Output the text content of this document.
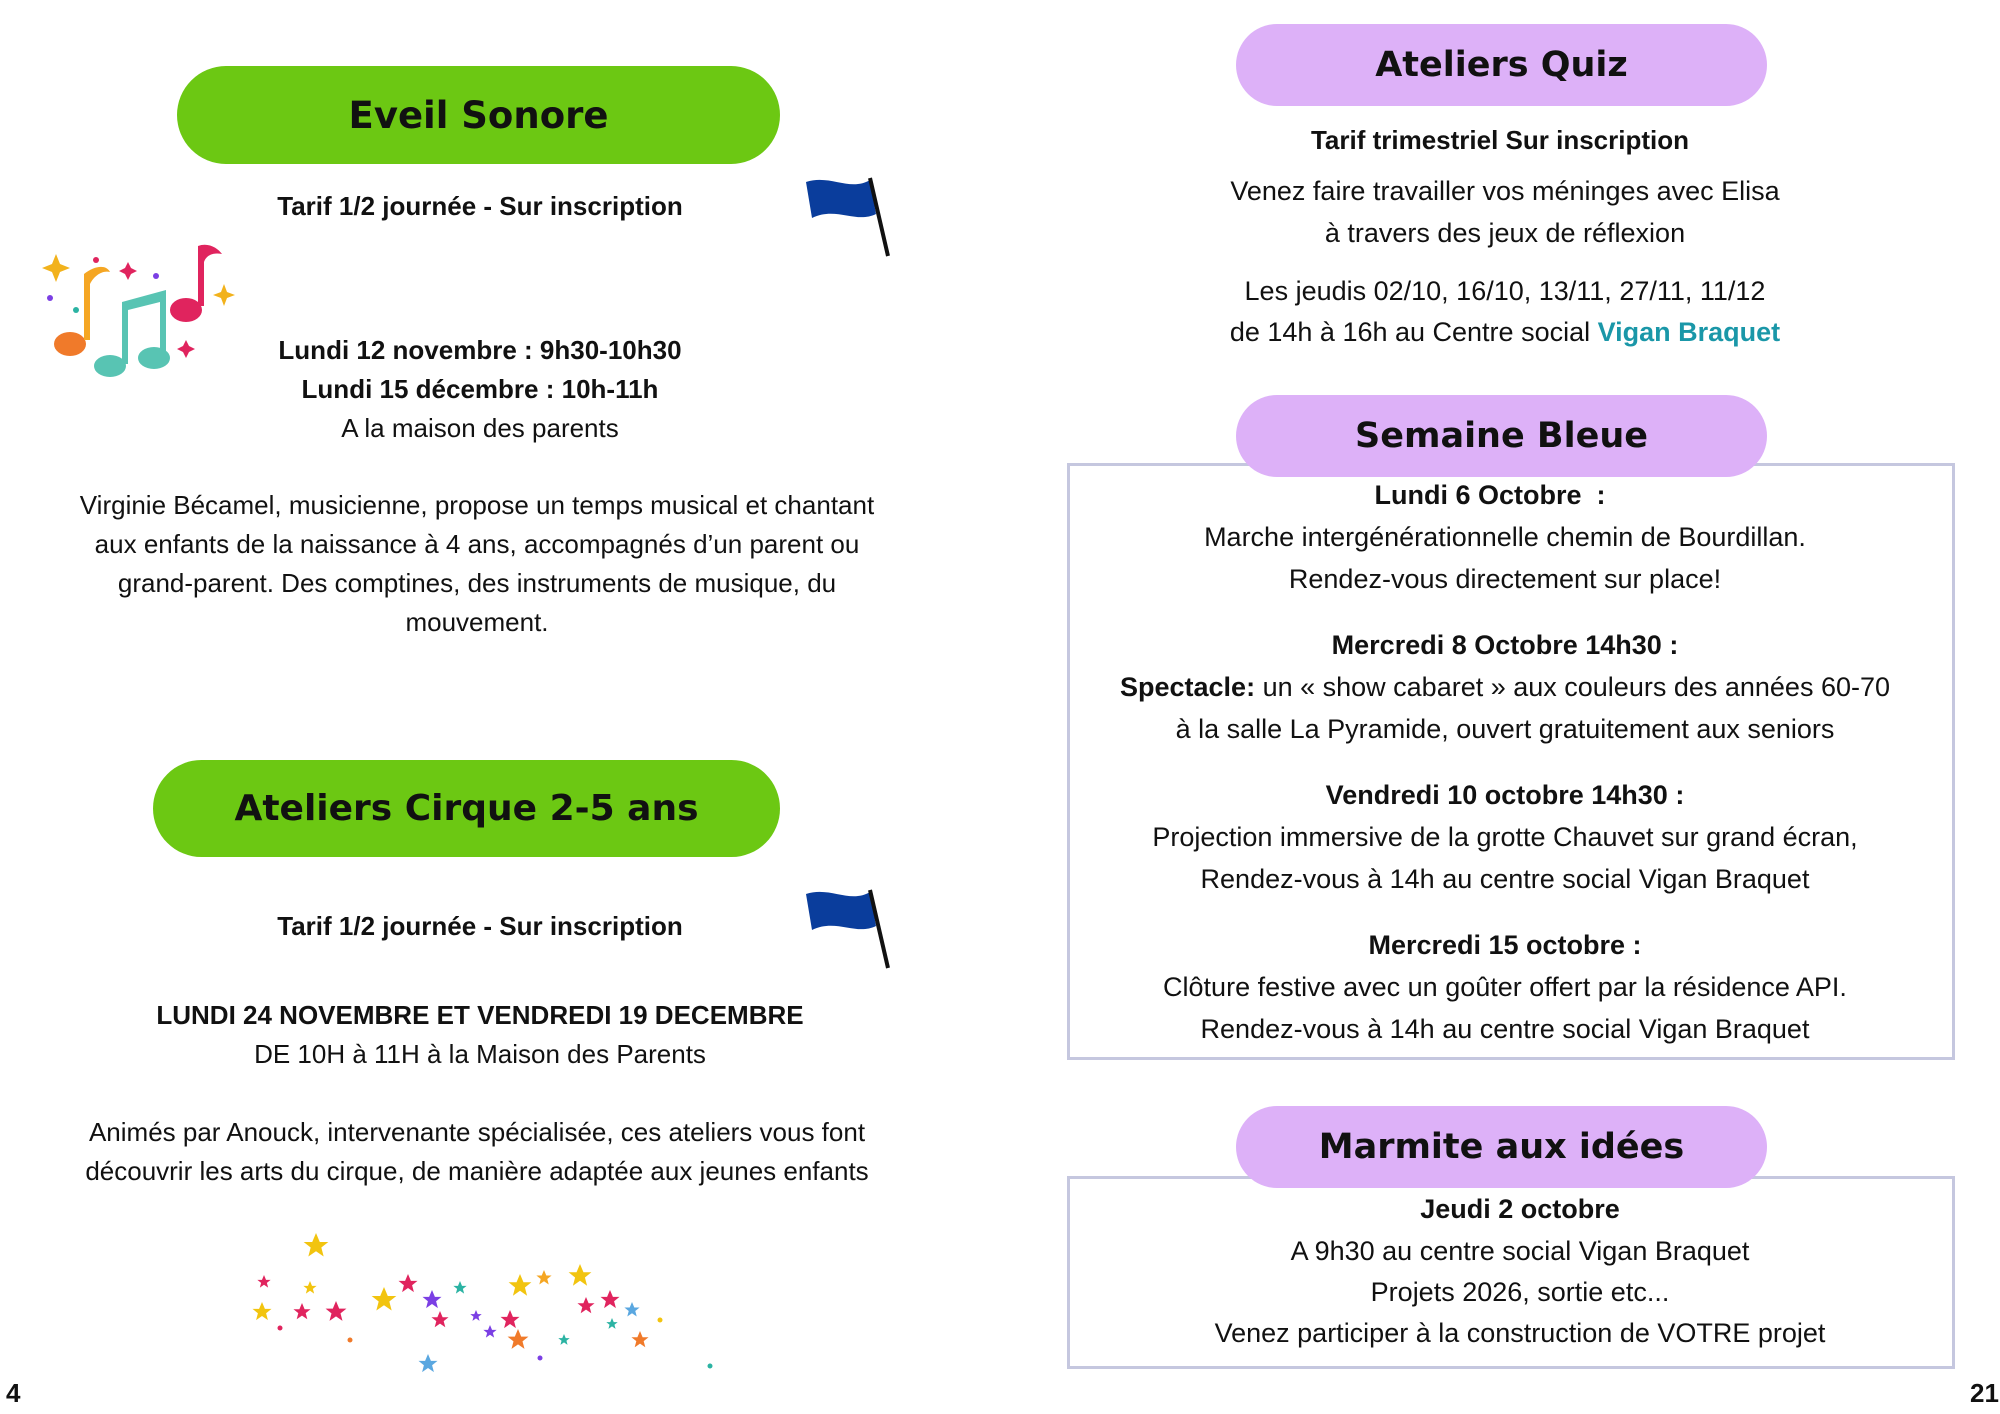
Eveil Sonore

Tarif 1/2 journée - Sur inscription

Lundi 12 novembre : 9h30-10h30

Lundi 15 décembre : 10h-11h

A la maison des parents

Virginie Bécamel, musicienne, propose un temps musical et chantant aux enfants de la naissance à 4 ans, accompagnés d’un parent ou grand-parent. Des comptines, des instruments de musique, du mouvement.

Ateliers Cirque 2-5 ans

Tarif 1/2 journée - Sur inscription

LUNDI 24 NOVEMBRE ET VENDREDI 19 DECEMBRE

DE 10H à 11H à la Maison des Parents

Animés par Anouck, intervenante spécialisée, ces ateliers vous font découvrir les arts du cirque, de manière adaptée aux jeunes enfants

4
Ateliers Quiz

Tarif trimestriel Sur inscription

Venez faire travailler vos méninges avec Elisa à travers des jeux de réflexion

Les jeudis 02/10, 16/10, 13/11, 27/11, 11/12

de 14h à 16h au Centre social Vigan Braquet

Semaine Bleue

Lundi 6 Octobre  :

Marche intergénérationnelle chemin de Bourdillan.

Rendez-vous directement sur place!

Mercredi 8 Octobre 14h30 :

Spectacle: un « show cabaret » aux couleurs des années 60-70

à la salle La Pyramide, ouvert gratuitement aux seniors

Vendredi 10 octobre 14h30 :

Projection immersive de la grotte Chauvet sur grand écran,

Rendez-vous à 14h au centre social Vigan Braquet

Mercredi 15 octobre :

Clôture festive avec un goûter offert par la résidence API.

Rendez-vous à 14h au centre social Vigan Braquet

Marmite aux idées

Jeudi 2 octobre

A 9h30 au centre social Vigan Braquet

Projets 2026, sortie etc...

Venez participer à la construction de VOTRE projet

21
